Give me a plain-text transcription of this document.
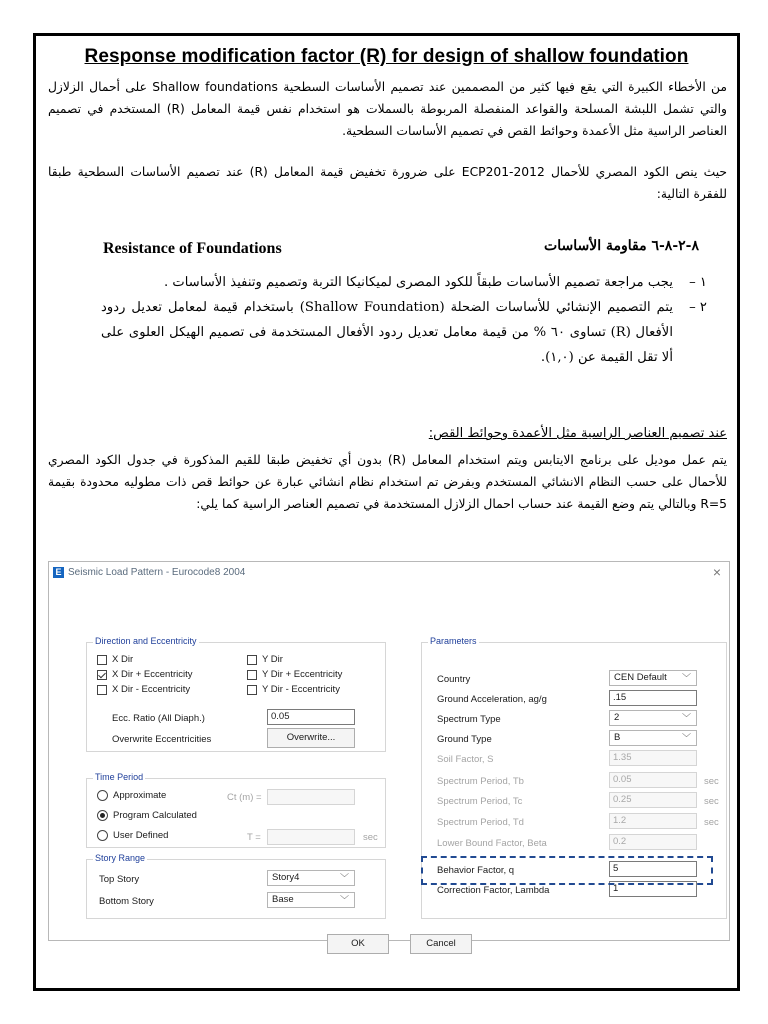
Response modification factor (R) for design of shallow foundation
من الأخطاء الكبيرة التي يقع فيها كثير من المصممين عند تصميم الأساسات السطحية Shallow foundations على أحمال الزلازل والتي تشمل اللبشة المسلحة والقواعد المنفصلة المربوطة بالسملات هو استخدام نفس قيمة المعامل (R) المستخدم في تصميم العناصر الراسية مثل الأعمدة وحوائط القص في تصميم الأساسات السطحية.
حيث ينص الكود المصري للأحمال ECP201-2012 على ضرورة تخفيض قيمة المعامل (R) عند تصميم الأساسات السطحية طبقا للفقرة التالية:
Resistance of Foundations	٨-٢-٨-٦ مقاومة الأساسات
١ –
يجب مراجعة تصميم الأساسات طبقاً للكود المصرى لميكانيكا التربة وتصميم وتنفيذ الأساسات .
٢ –
يتم التصميم الإنشائي للأساسات الضحلة (Shallow Foundation) باستخدام قيمة لمعامل تعديل ردود الأفعال (R) تساوى ٦٠ % من قيمة معامل تعديل ردود الأفعال المستخدمة فى تصميم الهيكل العلوى على ألا تقل القيمة عن (١,٠).
عند تصميم العناصر الراسية مثل الأعمدة وحوائط القص:
يتم عمل موديل على برنامج الايتابس ويتم استخدام المعامل (R) بدون أي تخفيض طبقا للقيم المذكورة في جدول الكود المصري للأحمال على حسب النظام الانشائي المستخدم وبفرض تم استخدام نظام انشائي عبارة عن حوائط قص ذات مطوليه محدودة بقيمة R=5 وبالتالي يتم وضع القيمة عند حساب احمال الزلازل المستخدمة في تصميم العناصر الراسية كما يلي:
E Seismic Load Pattern - Eurocode8 2004	×
Direction and Eccentricity
X Dir
X Dir + Eccentricity
X Dir - Eccentricity
Y Dir
Y Dir + Eccentricity
Y Dir - Eccentricity
Ecc. Ratio (All Diaph.)	0.05
Overwrite Eccentricities	Overwrite...
Time Period
Approximate	Ct (m) =
Program Calculated
User Defined	T =	sec
Story Range
Top Story	Story4	﹀
Bottom Story	Base	﹀
Parameters
Country	CEN Default ﹀
Ground Acceleration, ag/g	.15
Spectrum Type	2	﹀
Ground Type	B	﹀
Soil Factor, S	1.35
Spectrum Period, Tb	0.05	sec
Spectrum Period, Tc	0.25	sec
Spectrum Period, Td	1.2	sec
Lower Bound Factor, Beta	0.2
Behavior Factor, q	5
Correction Factor, Lambda	1
OK	Cancel
